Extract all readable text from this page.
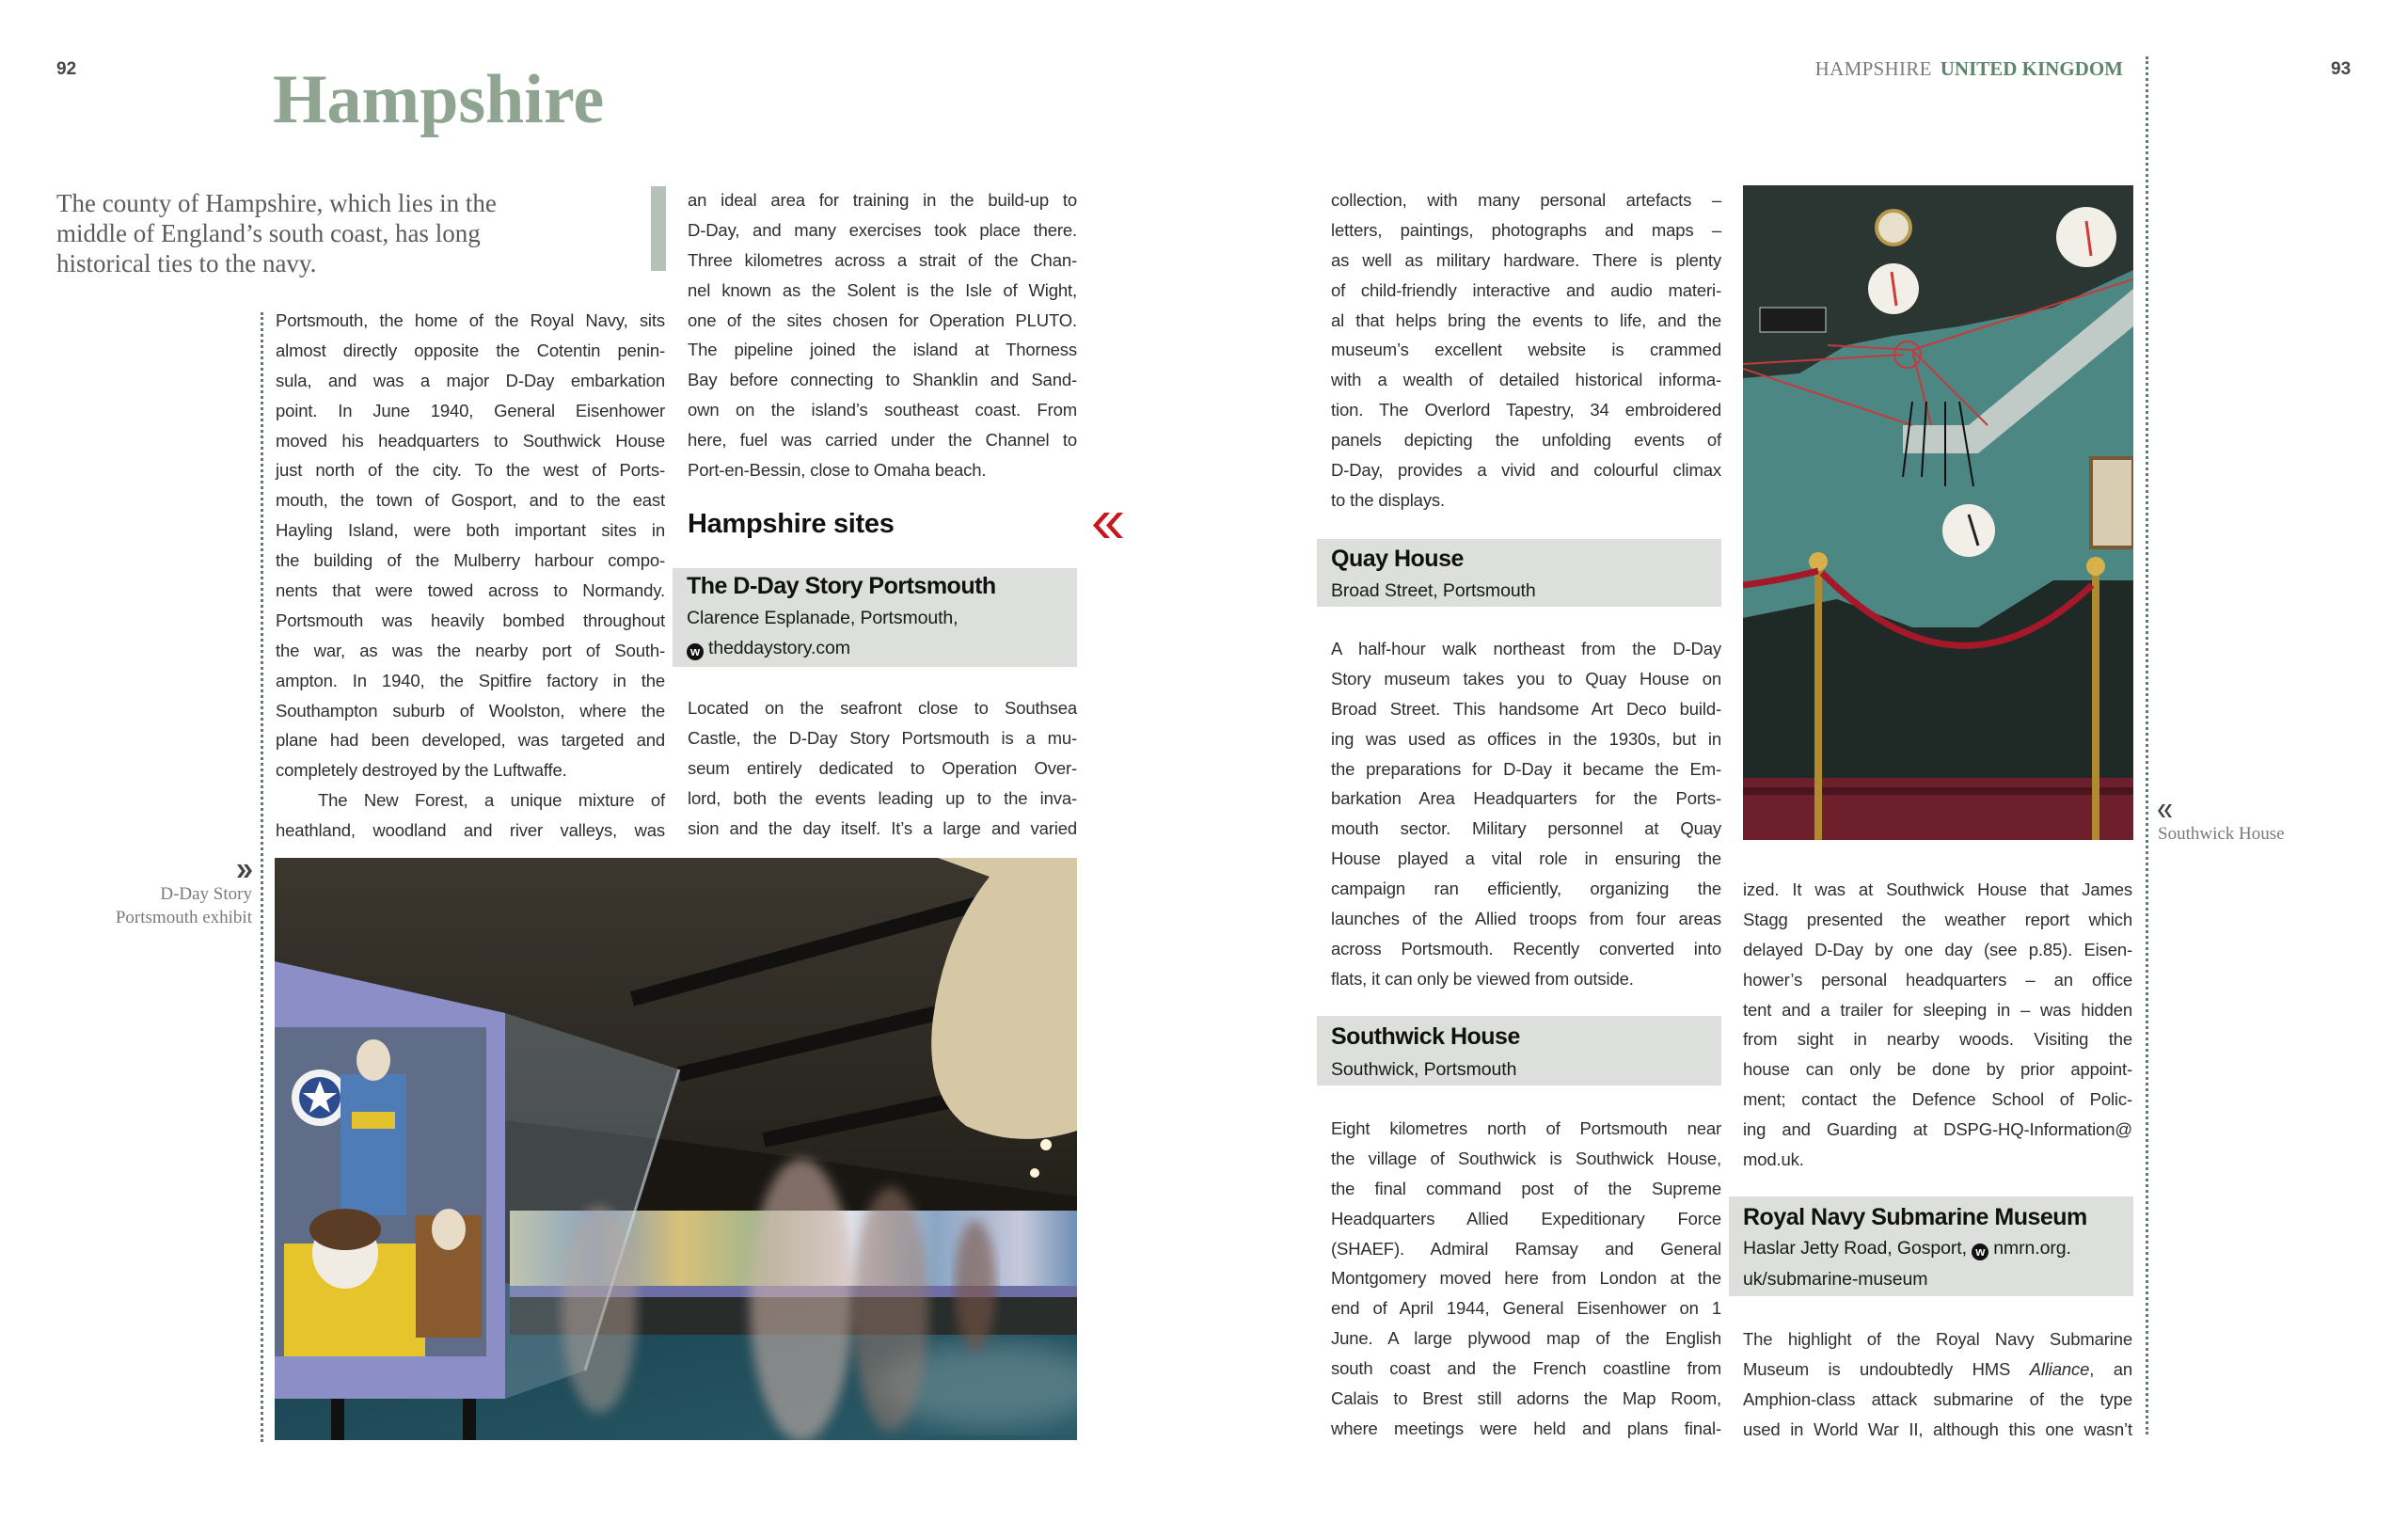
92	Hampshire
The county of Hampshire, which lies in the
middle of England’s south coast, has long
historical ties to the navy.
Portsmouth, the home of the Royal Navy, sits
almost directly opposite the Cotentin penin-
sula, and was a major D-Day embarkation
point. In June 1940, General Eisenhower
moved his headquarters to Southwick House
just north of the city. To the west of Ports-
mouth, the town of Gosport, and to the east
Hayling Island, were both important sites in
the building of the Mulberry harbour compo-
nents that were towed across to Normandy.
Portsmouth was heavily bombed throughout
the war, as was the nearby port of South-
ampton. In 1940, the Spitfire factory in the
Southampton suburb of Woolston, where the
plane had been developed, was targeted and
completely destroyed by the Luftwaffe.
The New Forest, a unique mixture of
heathland, woodland and river valleys, was
an ideal area for training in the build-up to
D-Day, and many exercises took place there.
Three kilometres across a strait of the Chan-
nel known as the Solent is the Isle of Wight,
one of the sites chosen for Operation PLUTO.
The pipeline joined the island at Thorness
Bay before connecting to Shanklin and Sand-
own on the island’s southeast coast. From
here, fuel was carried under the Channel to
Port-en-Bessin, close to Omaha beach.
Hampshire sites
The D-Day Story Portsmouth
Clarence Esplanade, Portsmouth,
w theddaystory.com
Located on the seafront close to Southsea
Castle, the D-Day Story Portsmouth is a mu-
seum entirely dedicated to Operation Over-
lord, both the events leading up to the inva-
sion and the day itself. It’s a large and varied
D-Day Story
Portsmouth exhibit
HAMPSHIRE UNITED KINGDOM	93
collection, with many personal artefacts –
letters, paintings, photographs and maps –
as well as military hardware. There is plenty
of child-friendly interactive and audio materi-
al that helps bring the events to life, and the
museum’s excellent website is crammed
with a wealth of detailed historical informa-
tion. The Overlord Tapestry, 34 embroidered
panels depicting the unfolding events of
D-Day, provides a vivid and colourful climax
to the displays.
Quay House
Broad Street, Portsmouth
A half-hour walk northeast from the D-Day
Story museum takes you to Quay House on
Broad Street. This handsome Art Deco build-
ing was used as offices in the 1930s, but in
the preparations for D-Day it became the Em-
barkation Area Headquarters for the Ports-
mouth sector. Military personnel at Quay
House played a vital role in ensuring the
campaign ran efficiently, organizing the
launches of the Allied troops from four areas
across Portsmouth. Recently converted into
flats, it can only be viewed from outside.
Southwick House
Southwick, Portsmouth
Eight kilometres north of Portsmouth near
the village of Southwick is Southwick House,
the final command post of the Supreme
Headquarters Allied Expeditionary Force
(SHAEF). Admiral Ramsay and General
Montgomery moved here from London at the
end of April 1944, General Eisenhower on 1
June. A large plywood map of the English
south coast and the French coastline from
Calais to Brest still adorns the Map Room,
where meetings were held and plans final-
Southwick House
ized. It was at Southwick House that James
Stagg presented the weather report which
delayed D-Day by one day (see p.85). Eisen-
hower’s personal headquarters – an office
tent and a trailer for sleeping in – was hidden
from sight in nearby woods. Visiting the
house can only be done by prior appoint-
ment; contact the Defence School of Polic-
ing and Guarding at DSPG-HQ-Information@
mod.uk.
Royal Navy Submarine Museum
Haslar Jetty Road, Gosport, w nmrn.org.
uk/submarine-museum
The highlight of the Royal Navy Submarine
Museum is undoubtedly HMS Alliance, an
Amphion-class attack submarine of the type
used in World War II, although this one wasn’t
